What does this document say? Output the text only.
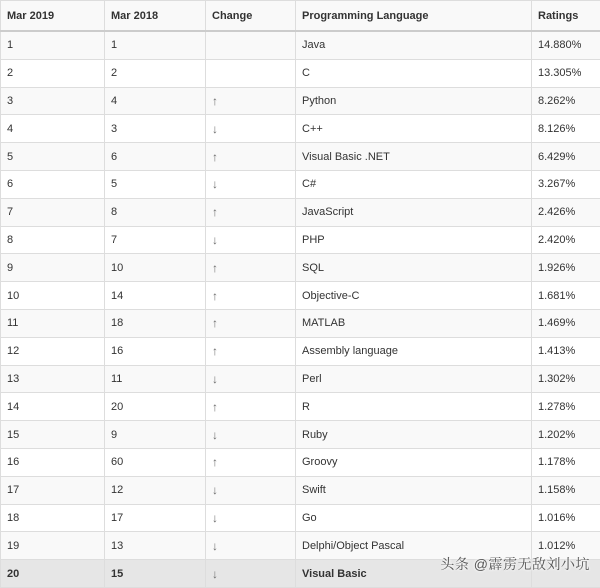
Mar 2019	Mar 2018	Change	Programming Language	Ratings
1	1		Java	14.880%
2	2		C	13.305%
3	4	↑	Python	8.262%
4	3	↓	C++	8.126%
5	6	↑	Visual Basic .NET	6.429%
6	5	↓	C#	3.267%
7	8	↑	JavaScript	2.426%
8	7	↓	PHP	2.420%
9	10	↑	SQL	1.926%
10	14	↑	Objective-C	1.681%
11	18	↑	MATLAB	1.469%
12	16	↑	Assembly language	1.413%
13	11	↓	Perl	1.302%
14	20	↑	R	1.278%
15	9	↓	Ruby	1.202%
16	60	↑	Groovy	1.178%
17	12	↓	Swift	1.158%
18	17	↓	Go	1.016%
19	13	↓	Delphi/Object Pascal	1.012%
20	15	↓	Visual Basic	
头条 @霹雳无敌刘小坑
